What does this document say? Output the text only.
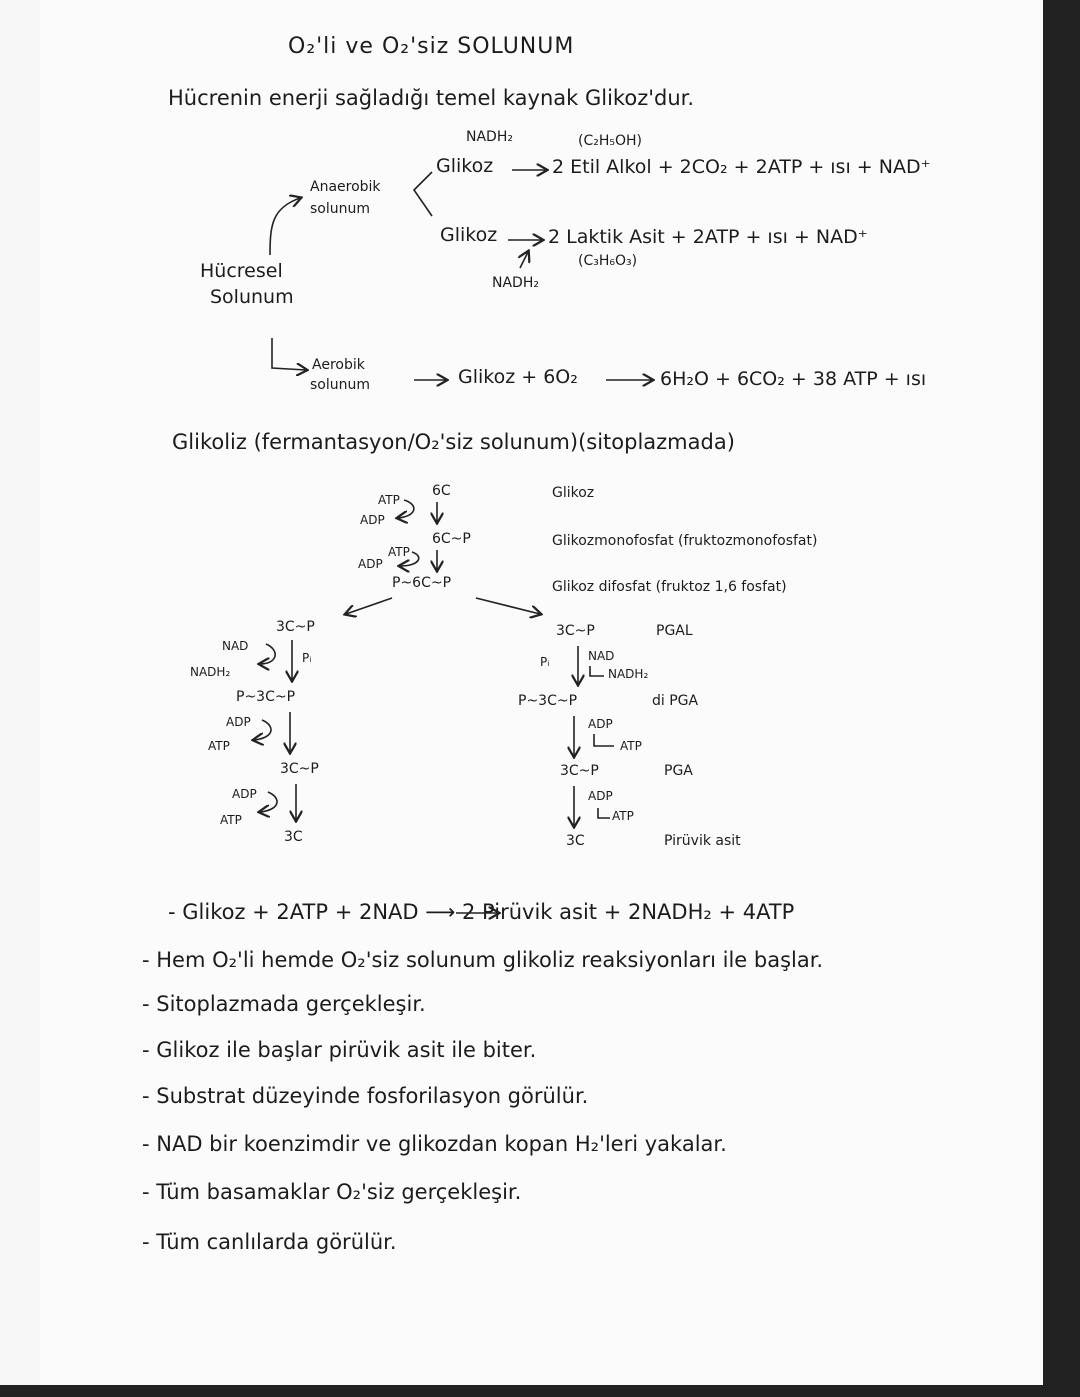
O₂'li ve O₂'siz SOLUNUM
Hücrenin enerji sağladığı temel kaynak Glikoz'dur.
Hücresel
Solunum
Anaerobik
solunum
NADH₂	(C₂H₅OH)
Glikoz	2 Etil Alkol + 2CO₂ + 2ATP + ısı + NAD⁺
Glikoz	2 Laktik Asit + 2ATP + ısı + NAD⁺
(C₃H₆O₃)
NADH₂
Aerobik
solunum	Glikoz + 6O₂	6H₂O + 6CO₂ + 38 ATP + ısı
Glikoliz (fermantasyon/O₂'siz solunum)(sitoplazmada)
6C
ATP
ADP
6C~P
ATP
ADP
P~6C~P
Glikoz
Glikozmonofosfat (fruktozmonofosfat)
Glikoz difosfat (fruktoz 1,6 fosfat)
3C~P
NAD
NADH₂
Pᵢ
P~3C~P
ADP
ATP
3C~P
ADP
ATP
3C
3C~P	PGAL
Pᵢ	NAD
NADH₂
P~3C~P	di PGA
ADP
ATP
3C~P	PGA
ADP
ATP
3C	Pirüvik asit
- Glikoz + 2ATP + 2NAD ⟶ 2 Pirüvik asit + 2NADH₂ + 4ATP
- Hem O₂'li hemde O₂'siz solunum glikoliz reaksiyonları ile başlar.
- Sitoplazmada gerçekleşir.
- Glikoz ile başlar pirüvik asit ile biter.
- Substrat düzeyinde fosforilasyon görülür.
- NAD bir koenzimdir ve glikozdan kopan H₂'leri yakalar.
- Tüm basamaklar O₂'siz gerçekleşir.
- Tüm canlılarda görülür.
